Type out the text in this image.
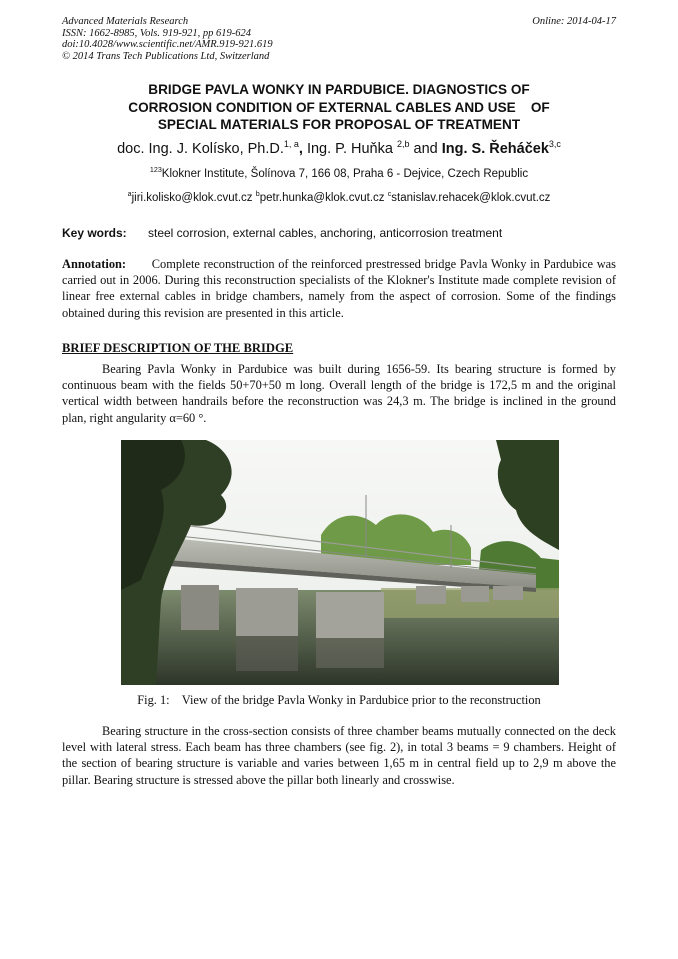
Advanced Materials Research
ISSN: 1662-8985, Vols. 919-921, pp 619-624
doi:10.4028/www.scientific.net/AMR.919-921.619
© 2014 Trans Tech Publications Ltd, Switzerland
Online: 2014-04-17
BRIDGE PAVLA WONKY IN PARDUBICE. DIAGNOSTICS OF
CORROSION CONDITION OF EXTERNAL CABLES AND USE    OF
SPECIAL MATERIALS FOR PROPOSAL OF TREATMENT
doc. Ing. J. Kolísko, Ph.D.$^{1, a}$, Ing. P. Huňka $^{2,b}$ and Ing. S. Řeháček$^{3,c}$
$^{123}$Klokner Institute, Šolínova 7, 166 08, Praha 6 - Dejvice, Czech Republic
$^a$jiri.kolisko@klok.cvut.cz $^b$petr.hunka@klok.cvut.cz $^c$stanislav.rehacek@klok.cvut.cz
Key words: steel corrosion, external cables, anchoring, anticorrosion treatment
Annotation: Complete reconstruction of the reinforced prestressed bridge Pavla Wonky in Pardubice was carried out in 2006. During this reconstruction specialists of the Klokner's Institute made complete revision of linear free external cables in bridge chambers, namely from the aspect of corrosion. Some of the findings obtained during this revision are presented in this article.
BRIEF DESCRIPTION OF THE BRIDGE
Bearing Pavla Wonky in Pardubice was built during 1656-59. Its bearing structure is formed by continuous beam with the fields 50+70+50 m long. Overall length of the bridge is 172,5 m and the original vertical width between handrails before the reconstruction was 24,3 m. The bridge is inclined in the ground plan, right angularity α=60 °.
Fig. 1:    View of the bridge Pavla Wonky in Pardubice prior to the reconstruction
Bearing structure in the cross-section consists of three chamber beams mutually connected on the deck level with lateral stress. Each beam has three chambers (see fig. 2), in total 3 beams = 9 chambers. Height of the section of bearing structure is variable and varies between 1,65 m in central field up to 2,9 m above the pillar. Bearing structure is stressed above the pillar both linearly and crosswise.
